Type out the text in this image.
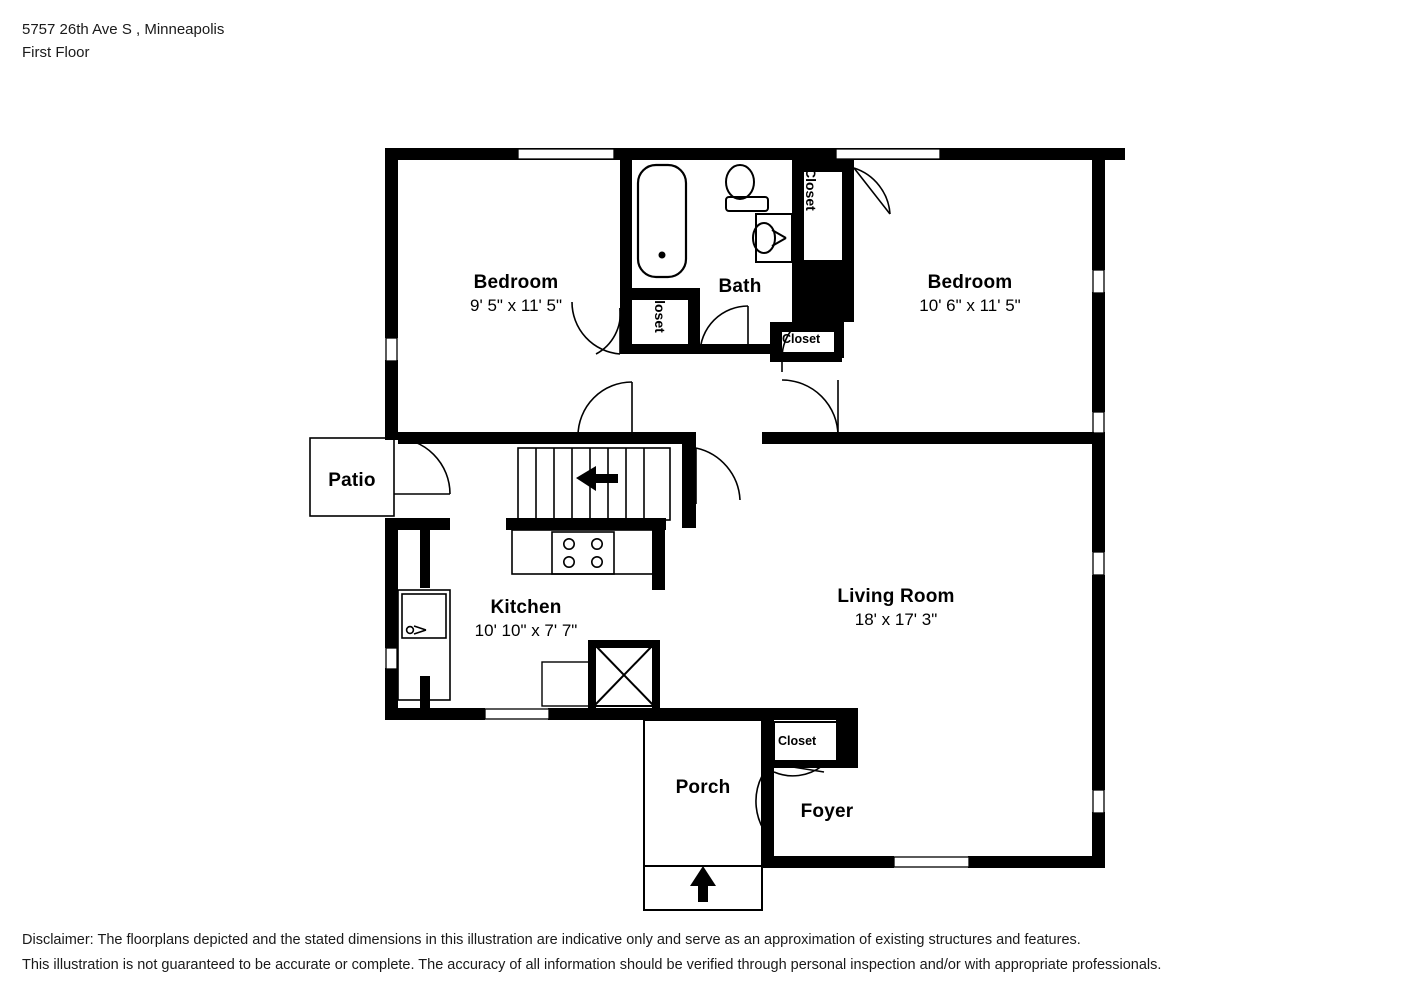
5757 26th Ave S , Minneapolis
First Floor
Bedroom
9' 5" x 11' 5"
Bath	Bedroom
10' 6" x 11' 5"
Patio
Kitchen
10' 10" x 7' 7"
Living Room
18' x 17' 3"
Porch
Foyer
Closet
Closet
Closet
Closet
Disclaimer: The floorplans depicted and the stated dimensions in this illustration are indicative only and serve as an approximation of existing structures and features.
This illustration is not guaranteed to be accurate or complete. The accuracy of all information should be verified through personal inspection and/or with appropriate professionals.
